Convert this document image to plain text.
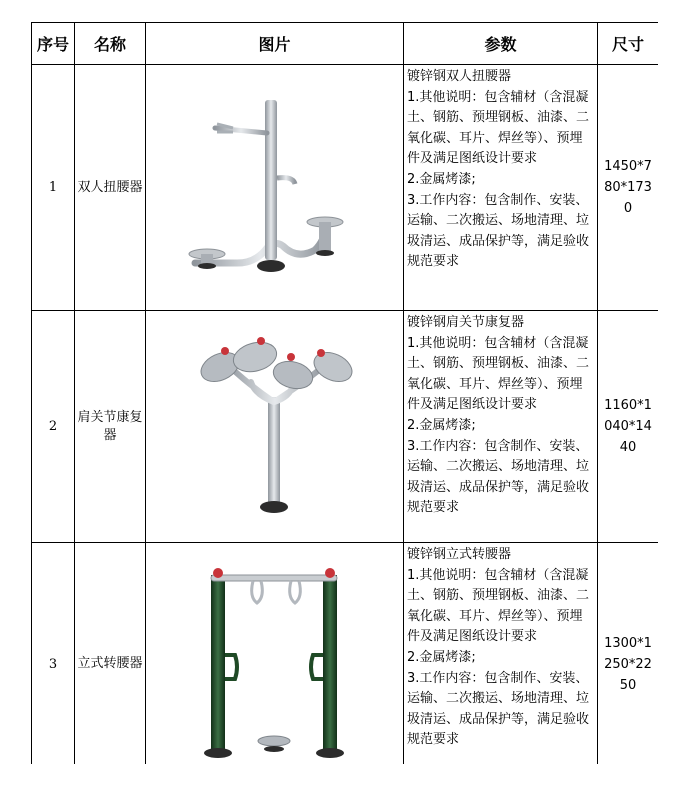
序号	名称	图片	参数	尺寸
1	双人扭腰器		镀锌钢双人扭腰器
1.其他说明：包含辅材（含混凝土、钢筋、预埋钢板、油漆、二氧化碳、耳片、焊丝等）、预埋件及满足图纸设计要求
2.金属烤漆;
3.工作内容：包含制作、安装、运输、二次搬运、场地清理、垃圾清运、成品保护等，满足验收规范要求	1450*780*1730
2	肩关节康复器		镀锌钢肩关节康复器
1.其他说明：包含辅材（含混凝土、钢筋、预埋钢板、油漆、二氧化碳、耳片、焊丝等）、预埋件及满足图纸设计要求
2.金属烤漆;
3.工作内容：包含制作、安装、运输、二次搬运、场地清理、垃圾清运、成品保护等，满足验收规范要求	1160*1040*1440
3	立式转腰器		镀锌钢立式转腰器
1.其他说明：包含辅材（含混凝土、钢筋、预埋钢板、油漆、二氧化碳、耳片、焊丝等）、预埋件及满足图纸设计要求
2.金属烤漆;
3.工作内容：包含制作、安装、运输、二次搬运、场地清理、垃圾清运、成品保护等，满足验收规范要求	1300*1250*2250
